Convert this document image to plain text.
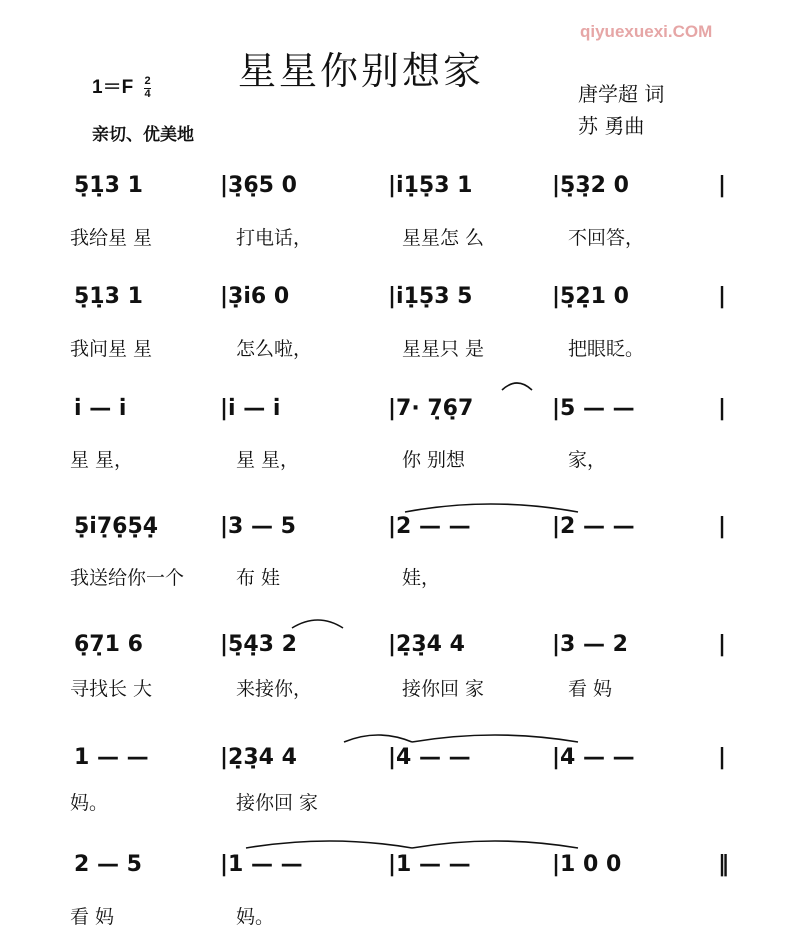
qiyuexuexi.COM
星星你别想家
$1=F \frac{2}{4}$
亲切、优美地
唐学超 词
苏 勇曲
5̣1̣3 1	|3̣6̣5 0	|i̇1̣5̣3 1	|5̣3̣2 0	|
我给星 星	打电话，	星星怎 么	不回答，
5̣1̣3 1	|3̣i̇6 0	|i̇1̣5̣3 5	|5̣2̣1 0	|
我问星 星	怎么啦，	星星只 是	把眼眨。
i̇ — i̇	|i̇ — i̇	|7· 7̣6̣7	|5 — —	|
星 星，	星 星，	你 别想	家，
5̣i̇7̣6̣5̣4̣	|3 — 5	|2 — —	|2 — —	|
我送给你一个	布 娃	娃，
6̣7̣1 6	|5̣4̣3 2	|2̣3̣4 4	|3 — 2	|
寻找长 大	来接你，	接你回 家	看 妈
1 — —	|2̣3̣4 4	|4 — —	|4 — —	|
妈。	接你回 家
2 — 5	|1 — —	|1 — —	|1 0 0	‖
看 妈	妈。
